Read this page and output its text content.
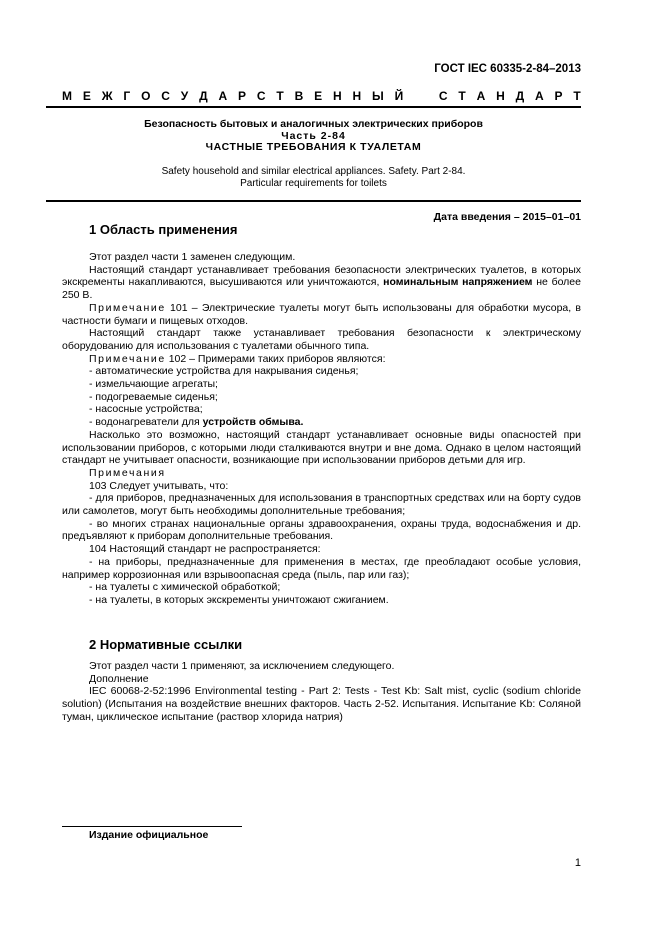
ГОСТ IEC 60335-2-84–2013
М Е Ж Г О С У Д А Р С Т В Е Н Н Ы Й	С Т А Н Д А Р Т
Безопасность бытовых и аналогичных электрических приборов
Часть 2-84
ЧАСТНЫЕ ТРЕБОВАНИЯ К ТУАЛЕТАМ
Safety household and similar electrical appliances. Safety. Part 2-84.
Particular requirements for toilets
Дата введения – 2015–01–01
1 Область применения

Этот раздел части 1 заменен следующим.

Настоящий стандарт устанавливает требования безопасности электрических туалетов, в которых экскременты накапливаются, высушиваются или уничтожаются, номинальным напряжением не более 250 В.

Примечание 101 – Электрические туалеты могут быть использованы для обработки мусора, в частности бумаги и пищевых отходов.

Настоящий стандарт также устанавливает требования безопасности к электрическому оборудованию для использования с туалетами обычного типа.

Примечание 102 – Примерами таких приборов являются:

- автоматические устройства для накрывания сиденья;

- измельчающие агрегаты;

- подогреваемые сиденья;

- насосные устройства;

- водонагреватели для устройств обмыва.

Насколько это возможно, настоящий стандарт устанавливает основные виды опасностей при использовании приборов, с которыми люди сталкиваются внутри и вне дома. Однако в целом настоящий стандарт не учитывает опасности, возникающие при использовании приборов детьми для игр.

Примечания

103 Следует учитывать, что:

- для приборов, предназначенных для использования в транспортных средствах или на борту судов или самолетов, могут быть необходимы дополнительные требования;

- во многих странах национальные органы здравоохранения, охраны труда, водоснабжения и др. предъявляют к приборам дополнительные требования.

104 Настоящий стандарт не распространяется:

- на приборы, предназначенные для применения в местах, где преобладают особые условия, например коррозионная или взрывоопасная среда (пыль, пар или газ);

- на туалеты с химической обработкой;

- на туалеты, в которых экскременты уничтожают сжиганием.

2 Нормативные ссылки

Этот раздел части 1 применяют, за исключением следующего.

Дополнение

IEC 60068-2-52:1996 Environmental testing - Part 2: Tests - Test Kb: Salt mist, cyclic (sodium chloride solution) (Испытания на воздействие внешних факторов. Часть 2-52. Испытания. Испытание Kb: Соляной туман, циклическое испытание (раствор хлорида натрия)

Издание официальное
1
